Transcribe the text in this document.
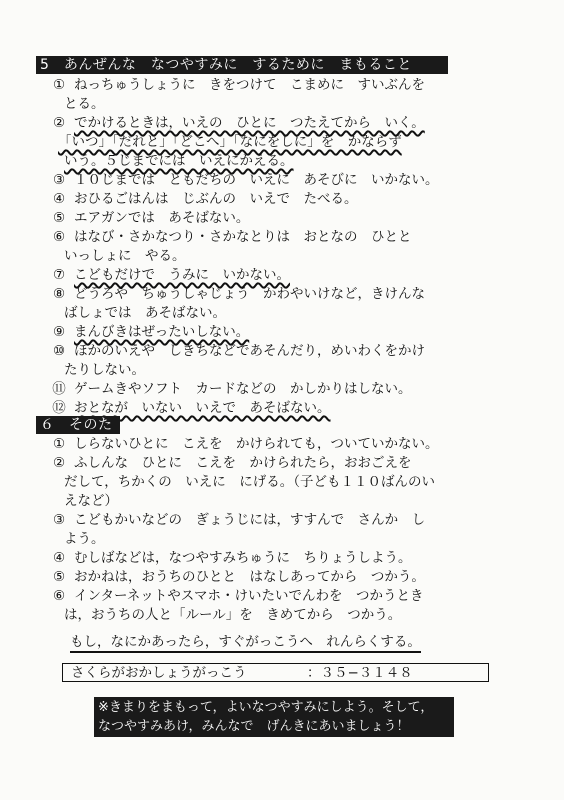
5　あんぜんな　なつやすみに　するために　まもること
① ねっちゅうしょうに　きをつけて　こまめに　すいぶんを
とる。
② でかけるときは，いえの　ひとに　つたえてから　いく。
「いつ」「だれと」「どこへ」「なにをしに」を　かならず
いう。５じまでには　いえにかえる。
③ １０じまでは　ともだちの　いえに　あそびに　いかない。
④ おひるごはんは　じぶんの　いえで　たべる。
⑤ エアガンでは　あそばない。
⑥ はなび・さかなつり・さかなとりは　おとなの　ひとと
いっしょに　やる。
⑦ こどもだけで　うみに　いかない。
⑧ どうろや　ちゅうしゃじょう　かわやいけなど，きけんな
ばしょでは　あそばない。
⑨ まんびきはぜったいしない。
⑩ ほかのいえや　しきちなどであそんだり，めいわくをかけ
たりしない。
⑪ ゲームきやソフト　カードなどの　かしかりはしない。
⑫ おとなが　いない　いえで　あそばない。
６　そのた
① しらないひとに　こえを　かけられても，ついていかない。
② ふしんな　ひとに　こえを　かけられたら，おおごえを
だして，ちかくの　いえに　にげる。（子ども１１０ばんのい
えなど）
③ こどもかいなどの　ぎょうじには，すすんで　さんか　し
よう。
④ むしばなどは，なつやすみちゅうに　ちりょうしよう。
⑤ おかねは，おうちのひとと　はなしあってから　つかう。
⑥ インターネットやスマホ・けいたいでんわを　つかうとき
は，おうちの人と「ルール」を　きめてから　つかう。
もし，なにかあったら，すぐがっこうへ　れんらくする。
さくらがおかしょうがっこう	：３５−３１４８
※きまりをまもって，よいなつやすみにしよう。そして，
なつやすみあけ，みんなで　げんきにあいましょう！
